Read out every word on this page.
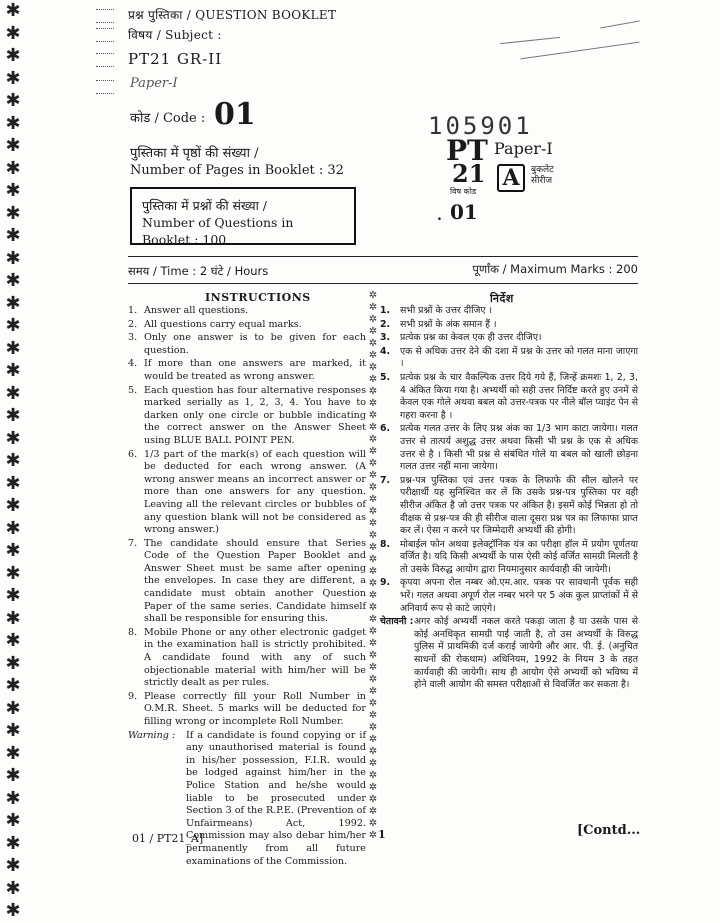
✱
✱
✱
✱
✱
✱
✱
✱
✱
✱
✱
✱
✱
✱
✱
✱
✱
✱
✱
✱
✱
✱
✱
✱
✱
✱
✱
✱
✱
✱
✱
✱
✱
✱
✱
✱
✱
✱
✱
✱
✱
प्रश्न पुस्तिका / QUESTION BOOKLET
विषय / Subject :
PT21 GR-II
Paper-I
कोड / Code : 01
पुस्तिका में पृष्ठों की संख्या /
Number of Pages in Booklet : 32
पुस्तिका में प्रश्नों की संख्या /
Number of Questions in Booklet : 100
105901
PT Paper-I
21
विष कोड
A	बुकलेट सीरीज
01
.
समय / Time : 2 घंटे / Hours	पूर्णांक / Maximum Marks : 200
INSTRUCTIONS	निर्देश
✲
✲
✲
✲
✲
✲
✲
✲
✲
✲
✲
✲
✲
✲
✲
✲
✲
✲
✲
✲
✲
✲
✲
✲
✲
✲
✲
✲
✲
✲
✲
✲
✲
✲
✲
✲
✲
✲
✲
✲
✲
✲
✲
✲
✲
✲
1. Answer all questions.
2. All questions carry equal marks.
3. Only one answer is to be given for each question.
4. If more than one answers are marked, it would be treated as wrong answer.
5. Each question has four alternative responses marked serially as 1, 2, 3, 4. You have to darken only one circle or bubble indicating the correct answer on the Answer Sheet using BLUE BALL POINT PEN.
6. 1/3 part of the mark(s) of each question will be deducted for each wrong answer. (A wrong answer means an incorrect answer or more than one answers for any question. Leaving all the relevant circles or bubbles of any question blank will not be considered as wrong answer.)
7. The candidate should ensure that Series Code of the Question Paper Booklet and Answer Sheet must be same after opening the envelopes. In case they are different, a candidate must obtain another Question Paper of the same series. Candidate himself shall be responsible for ensuring this.
8. Mobile Phone or any other electronic gadget in the examination hall is strictly prohibited. A candidate found with any of such objectionable material with him/her will be strictly dealt as per rules.
9. Please correctly fill your Roll Number in O.M.R. Sheet. 5 marks will be deducted for filling wrong or incomplete Roll Number.
Warning :	If a candidate is found copying or if any unauthorised material is found in his/her possession, F.I.R. would be lodged against him/her in the Police Station and he/she would liable to be prosecuted under Section 3 of the R.P.E. (Prevention of Unfairmeans) Act, 1992. Commission may also debar him/her permanently from all future examinations of the Commission.
1.	सभी प्रश्नों के उत्तर दीजिए ।
2.	सभी प्रश्नों के अंक समान हैं ।
3.	प्रत्येक प्रश्न का केवल एक ही उत्तर दीजिए।
4.	एक से अधिक उत्तर देने की दशा में प्रश्न के उत्तर को गलत माना जाएगा ।
5.	प्रत्येक प्रश्न के चार वैकल्पिक उत्तर दिये गये हैं, जिन्हें क्रमशः 1, 2, 3, 4 अंकित किया गया है। अभ्यर्थी को सही उत्तर निर्दिष्ट करते हुए उनमें से केवल एक गोले अथवा बबल को उत्तर-पत्रक पर नीले बॉल प्वाइंट पेन से गहरा करना है ।
6.	प्रत्येक गलत उत्तर के लिए प्रश्न अंक का 1/3 भाग काटा जायेगा। गलत उत्तर से तात्पर्य अशुद्ध उत्तर अथवा किसी भी प्रश्न के एक से अधिक उत्तर से है । किसी भी प्रश्न से संबंधित गोले या बबल को खाली छोड़ना गलत उत्तर नहीं माना जायेगा।
7.	प्रश्न-पत्र पुस्तिका एवं उत्तर पत्रक के लिफाफे की सील खोलने पर परीक्षार्थी यह सुनिश्चित कर लें कि उसके प्रश्न-पत्र पुस्तिका पर वही सीरीज अंकित है जो उत्तर पत्रक पर अंकित है। इसमें कोई भिन्नता हो तो वीक्षक से प्रश्न-पत्र की ही सीरीज वाला दूसरा प्रश्न पत्र का लिफाफा प्राप्त कर लें। ऐसा न करने पर जिम्मेदारी अभ्यर्थी की होगी।
8.	मोबाईल फोन अथवा इलेक्ट्रॉनिक यंत्र का परीक्षा हॉल में प्रयोग पूर्णतया वर्जित है। यदि किसी अभ्यर्थी के पास ऐसी कोई वर्जित सामग्री मिलती है तो उसके विरुद्ध आयोग द्वारा नियमानुसार कार्यवाही की जायेगी।
9.	कृपया अपना रोल नम्बर ओ.एम.आर. पत्रक पर सावधानी पूर्वक सही भरें। गलत अथवा अपूर्ण रोल नम्बर भरने पर 5 अंक कुल प्राप्तांकों में से अनिवार्य रूप से काटे जाएंगे।
चेतावनी : अगर कोई अभ्यर्थी नकल करते पकड़ा जाता है या उसके पास से कोई अनधिकृत सामग्री पाई जाती है, तो उस अभ्यर्थी के विरुद्ध पुलिस में प्राथमिकी दर्ज कराई जायेगी और आर. पी. ई. (अनुचित साधनों की रोकथाम) अधिनियम, 1992 के नियम 3 के तहत कार्यवाही की जायेगी। साथ ही आयोग ऐसे अभ्यर्थी को भविष्य में होने वाली आयोग की समस्त परीक्षाओं से विवर्जित कर सकता है।
01 / PT21_A]	1	[Contd...
